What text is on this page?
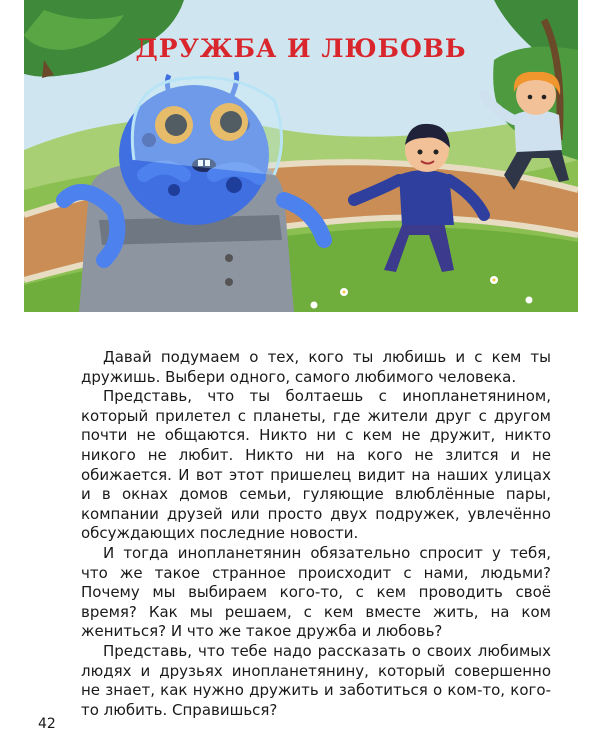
ДРУЖБА И ЛЮБОВЬ

Давай подумаем о тех, кого ты любишь и с кем ты дружишь. Выбери одного, самого любимого человека.

Представь, что ты болтаешь с инопланетянином, который прилетел с планеты, где жители друг с другом почти не общаются. Никто ни с кем не дружит, никто никого не любит. Никто ни на кого не злится и не обижается. И вот этот пришелец видит на наших улицах и в окнах домов семьи, гуляющие влюблённые пары, компании друзей или просто двух подружек, увлечённо обсуждающих последние новости.

И тогда инопланетянин обязательно спросит у тебя, что же такое странное происходит с нами, людьми? Почему мы выбираем кого-то, с кем проводить своё время? Как мы решаем, с кем вместе жить, на ком жениться? И что же такое дружба и любовь?

Представь, что тебе надо рассказать о своих любимых людях и друзьях инопланетянину, который совершенно не знает, как нужно дружить и заботиться о ком-то, кого-то любить. Справишься?

42
